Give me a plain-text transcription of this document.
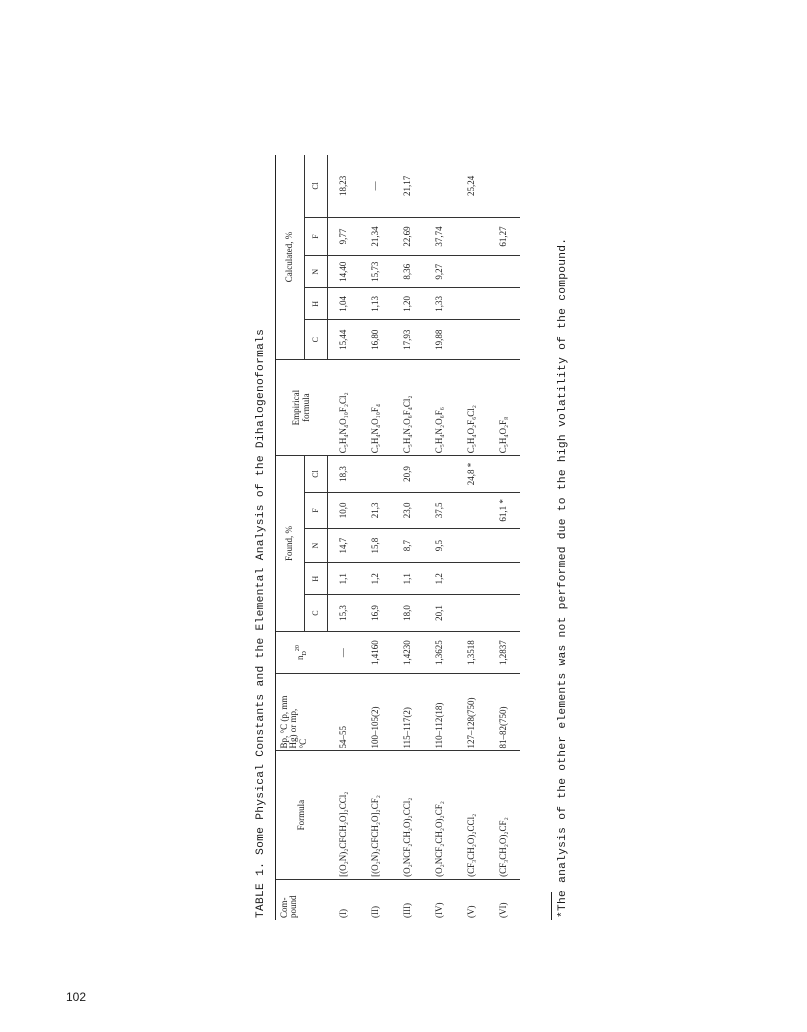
TABLE 1. Some Physical Constants and the Elemental Analysis of the Dihalogenoformals Com-
pound	Formula	Bp, °C (p, mm
Hg) or mp,
°C	$n_D^{20}$	Found, %					Empirical
formula	Calculated, %				
				C	H	N	F	Cl		C	H	N	F	Cl
(I)	[(O₂N)₂CFCH₂O]₂CCl₂	54–55	—	15,3	1,1	14,7	10,0	18,3	C₅H₄N₄O₁₀F₂Cl₂	15,44	1,04	14,40	9,77	18,23
(II)	[(O₂N)₂CFCH₂O]₂CF₂	100–105(2)	1,4160	16,9	1,2	15,8	21,3		C₅H₄N₄O₁₀F₄	16,80	1,13	15,73	21,34	—
(III)	(O₂NCF₂CH₂O)₂CCl₂	115–117(2)	1,4230	18,0	1,1	8,7	23,0	20,9	C₅H₄N₂O₆F₄Cl₂	17,93	1,20	8,36	22,69	21,17
(IV)	(O₂NCF₂CH₂O)₂CF₂	110–112(18)	1,3625	20,1	1,2	9,5	37,5		C₅H₄N₂O₆F₆	19,88	1,33	9,27	37,74	
(V)	(CF₃CH₂O)₂CCl₂	127–128(750)	1,3518					24,8 *	C₅H₄O₂F₆Cl₂					25,24
(VI)	(CF₃CH₂O)₂CF₂	81–82(750)	1,2837				61,1 *		C₅H₄O₂F₈				61,27	
*The analysis of the other elements was not performed due to the high volatility of the compound.
102
